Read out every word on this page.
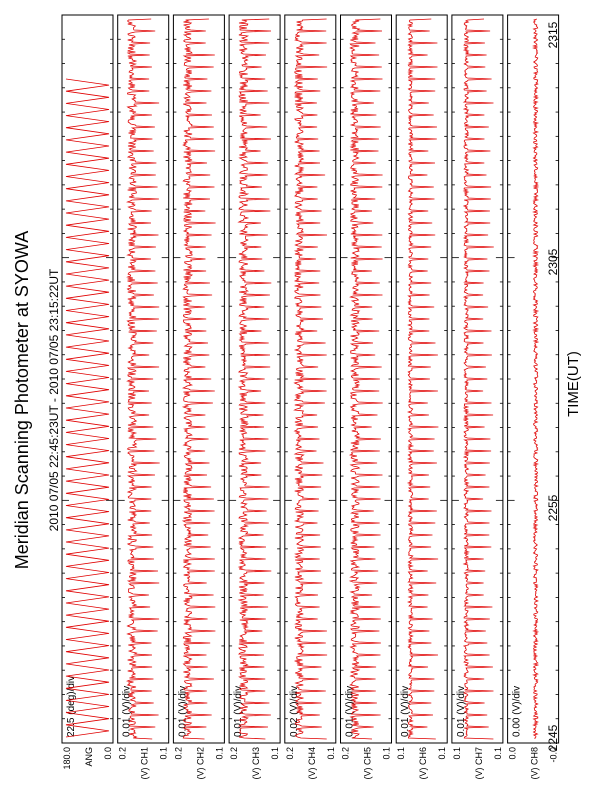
Meridian Scanning Photometer at SYOWA 2010 07/05 22:45:23UT - 2010 07/05 23:15:22UT	TIME(UT)
2245
2255
2305
2315
180.0	0.0
ANG
22.5 (deg)/div
0.2	0.1
(V) CH1
0.01 (V)/div
0.2	0.1
(V) CH2
0.01 (V)/div
0.2	0.1
(V) CH3
0.01 (V)/div
0.2	0.1
(V) CH4
0.02 (V)/div
0.2	0.1
(V) CH5
0.01 (V)/div
0.1	0.1
(V) CH6
0.01 (V)/div
0.1	0.1
(V) CH7
0.01 (V)/div
0.0	-0.0
(V) CH8
0.00 (V)/div
